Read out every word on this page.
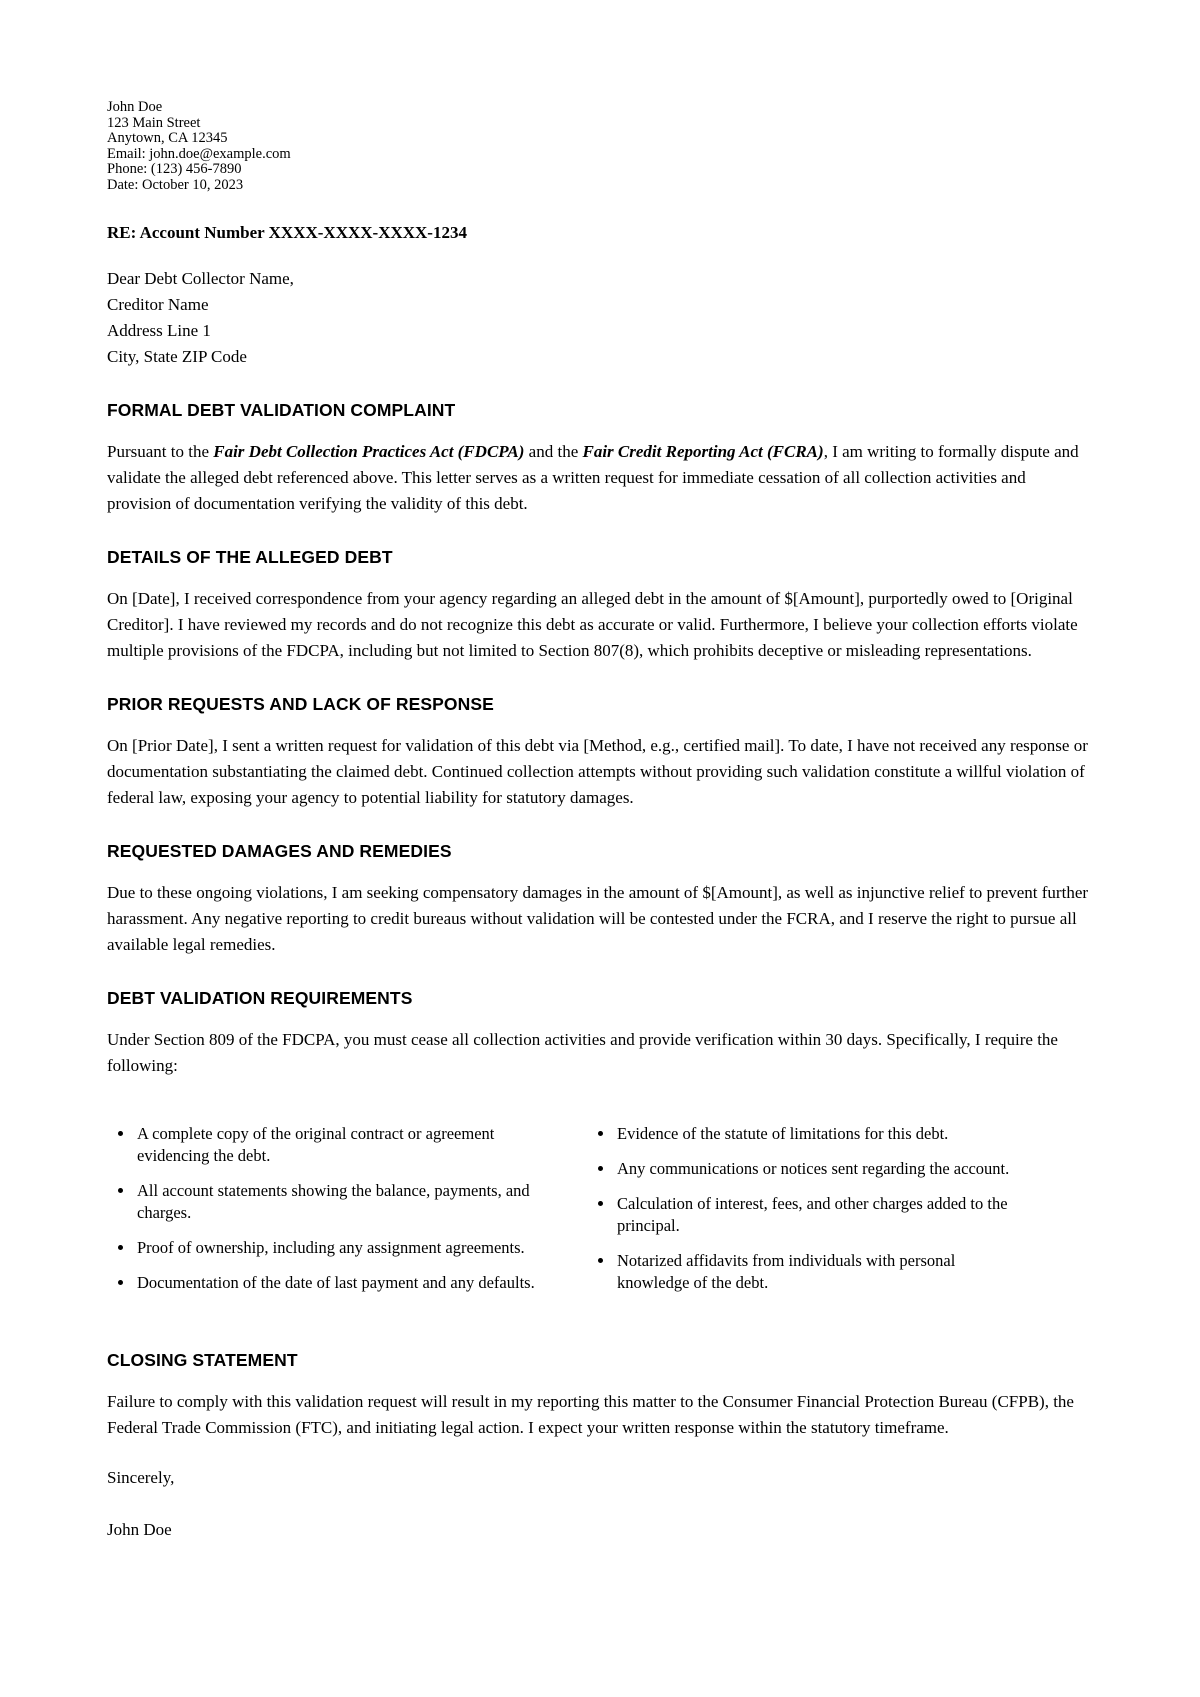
John Doe
123 Main Street
Anytown, CA 12345
Email: john.doe@example.com
Phone: (123) 456-7890
Date: October 10, 2023

RE: Account Number XXXX-XXXX-XXXX-1234

Dear Debt Collector Name,
Creditor Name
Address Line 1
City, State ZIP Code
FORMAL DEBT VALIDATION COMPLAINT

Pursuant to the Fair Debt Collection Practices Act (FDCPA) and the Fair Credit Reporting Act (FCRA), I am writing to formally dispute and validate the alleged debt referenced above. This letter serves as a written request for immediate cessation of all collection activities and provision of documentation verifying the validity of this debt.

DETAILS OF THE ALLEGED DEBT

On [Date], I received correspondence from your agency regarding an alleged debt in the amount of $[Amount], purportedly owed to [Original Creditor]. I have reviewed my records and do not recognize this debt as accurate or valid. Furthermore, I believe your collection efforts violate multiple provisions of the FDCPA, including but not limited to Section 807(8), which prohibits deceptive or misleading representations.

PRIOR REQUESTS AND LACK OF RESPONSE

On [Prior Date], I sent a written request for validation of this debt via [Method, e.g., certified mail]. To date, I have not received any response or documentation substantiating the claimed debt. Continued collection attempts without providing such validation constitute a willful violation of federal law, exposing your agency to potential liability for statutory damages.

REQUESTED DAMAGES AND REMEDIES

Due to these ongoing violations, I am seeking compensatory damages in the amount of $[Amount], as well as injunctive relief to prevent further harassment. Any negative reporting to credit bureaus without validation will be contested under the FCRA, and I reserve the right to pursue all available legal remedies.

DEBT VALIDATION REQUIREMENTS

Under Section 809 of the FDCPA, you must cease all collection activities and provide verification within 30 days. Specifically, I require the following:

• A complete copy of the original contract or agreement evidencing the debt.
• All account statements showing the balance, payments, and charges.
• Proof of ownership, including any assignment agreements.
• Documentation of the date of last payment and any defaults.
• Evidence of the statute of limitations for this debt.
• Any communications or notices sent regarding the account.
• Calculation of interest, fees, and other charges added to the principal.
• Notarized affidavits from individuals with personal knowledge of the debt.
CLOSING STATEMENT

Failure to comply with this validation request will result in my reporting this matter to the Consumer Financial Protection Bureau (CFPB), the Federal Trade Commission (FTC), and initiating legal action. I expect your written response within the statutory timeframe.

Sincerely,

John Doe
